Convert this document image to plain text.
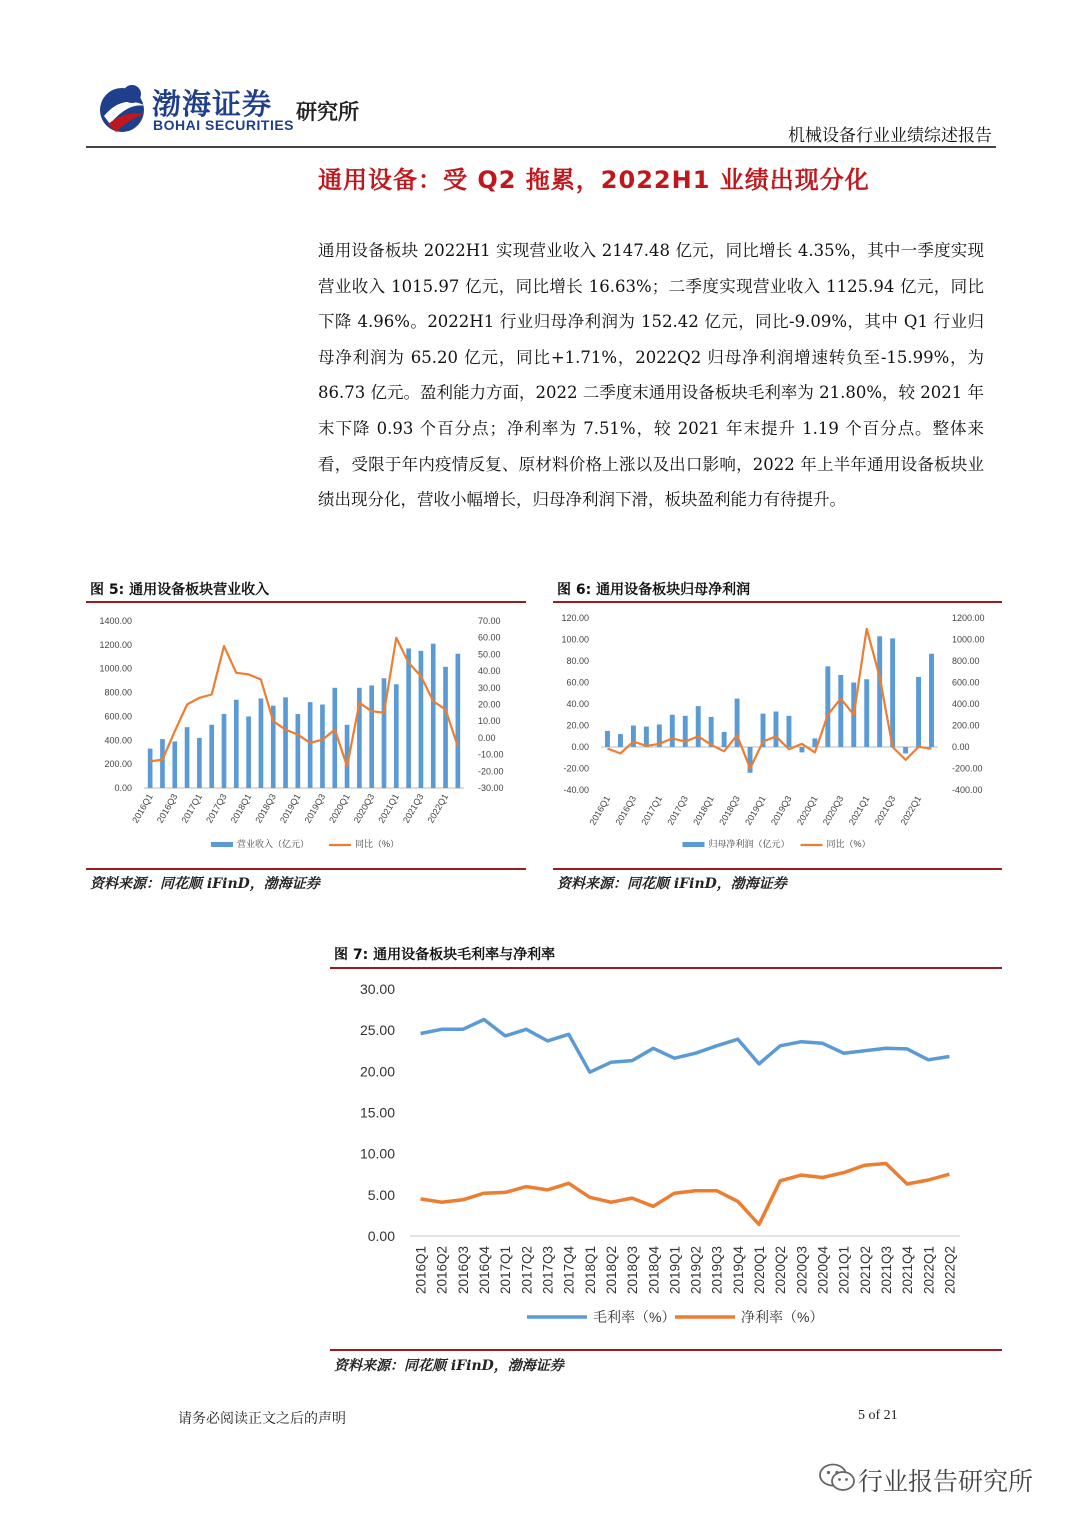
渤海证券
BOHAI SECURITIES
研究所
机械设备行业业绩综述报告
通用设备：受 Q2 拖累，2022H1 业绩出现分化
通用设备板块 2022H1 实现营业收入 2147.48 亿元，同比增长 4.35%，其中一季度实现营业收入 1015.97 亿元，同比增长 16.63%；二季度实现营业收入 1125.94 亿元，同比下降 4.96%。2022H1 行业归母净利润为 152.42 亿元，同比-9.09%，其中 Q1 行业归母净利润为 65.20 亿元，同比+1.71%，2022Q2 归母净利润增速转负至-15.99%，为 86.73 亿元。盈利能力方面，2022 二季度末通用设备板块毛利率为 21.80%，较 2021 年末下降 0.93 个百分点；净利率为 7.51%，较 2021 年末提升 1.19 个百分点。整体来看，受限于年内疫情反复、原材料价格上涨以及出口影响，2022 年上半年通用设备板块业绩出现分化，营收小幅增长，归母净利润下滑，板块盈利能力有待提升。
图 5: 通用设备板块营业收入
1400.00
1200.00
1000.00
800.00
600.00
400.00
200.00
0.00
70.00
60.00
50.00
40.00
30.00
20.00
10.00
0.00
-10.00
-20.00
-30.00
2016Q1 2016Q3 2017Q1 2017Q3 2018Q1 2018Q3 2019Q1 2019Q3 2020Q1 2020Q3 2021Q1 2021Q3 2022Q1
营业收入（亿元）	同比（%）
资料来源：同花顺 iFinD，渤海证券
图 6: 通用设备板块归母净利润
120.00
100.00
80.00
60.00
40.00
20.00
0.00
-20.00
-40.00
1200.00
1000.00
800.00
600.00
400.00
200.00
0.00
-200.00
-400.00
2016Q1 2016Q3 2017Q1 2017Q3 2018Q1 2018Q3 2019Q1 2019Q3 2020Q1 2020Q3 2021Q1 2021Q3 2022Q1
归母净利润（亿元）	同比（%）
资料来源：同花顺 iFinD，渤海证券
图 7: 通用设备板块毛利率与净利率
30.00
25.00
20.00
15.00
10.00
5.00
0.00
2016Q1 2016Q2 2016Q3 2016Q4 2017Q1 2017Q2 2017Q3 2017Q4 2018Q1 2018Q2 2018Q3 2018Q4 2019Q1 2019Q2 2019Q3 2019Q4 2020Q1 2020Q2 2020Q3 2020Q4 2021Q1 2021Q2 2021Q3 2021Q4 2022Q1 2022Q2
毛利率（%）	净利率（%）
资料来源：同花顺 iFinD，渤海证券
请务必阅读正文之后的声明	5 of 21
行业报告研究所
